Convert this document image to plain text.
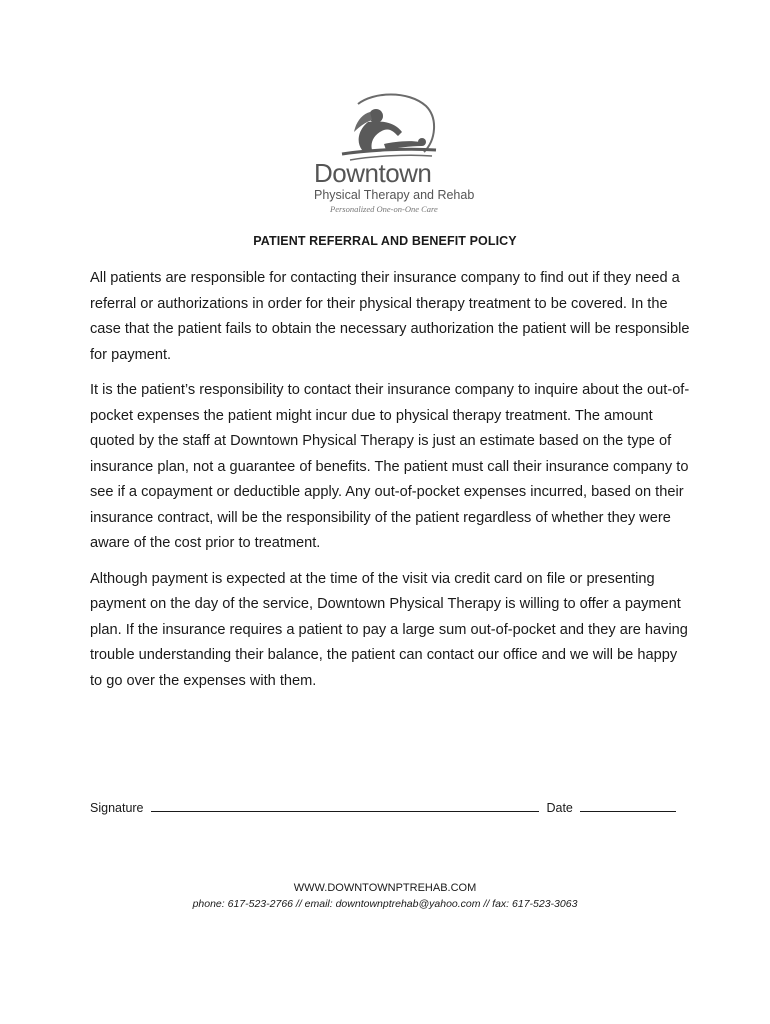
Downtown
Physical Therapy and Rehab
Personalized One-on-One Care
PATIENT REFERRAL AND BENEFIT POLICY

All patients are responsible for contacting their insurance company to find out if they need a referral or authorizations in order for their physical therapy treatment to be covered. In the case that the patient fails to obtain the necessary authorization the patient will be responsible for payment.

It is the patient’s responsibility to contact their insurance company to inquire about the out-of-pocket expenses the patient might incur due to physical therapy treatment. The amount quoted by the staff at Downtown Physical Therapy is just an estimate based on the type of insurance plan, not a guarantee of benefits. The patient must call their insurance company to see if a copayment or deductible apply. Any out-of-pocket expenses incurred, based on their insurance contract, will be the responsibility of the patient regardless of whether they were aware of the cost prior to treatment.

Although payment is expected at the time of the visit via credit card on file or presenting payment on the day of the service, Downtown Physical Therapy is willing to offer a payment plan. If the insurance requires a patient to pay a large sum out-of-pocket and they are having trouble understanding their balance, the patient can contact our office and we will be happy to go over the expenses with them.

Signature	Date
WWW.DOWNTOWNPTREHAB.COM
phone: 617-523-2766 // email: downtownptrehab@yahoo.com // fax: 617-523-3063
